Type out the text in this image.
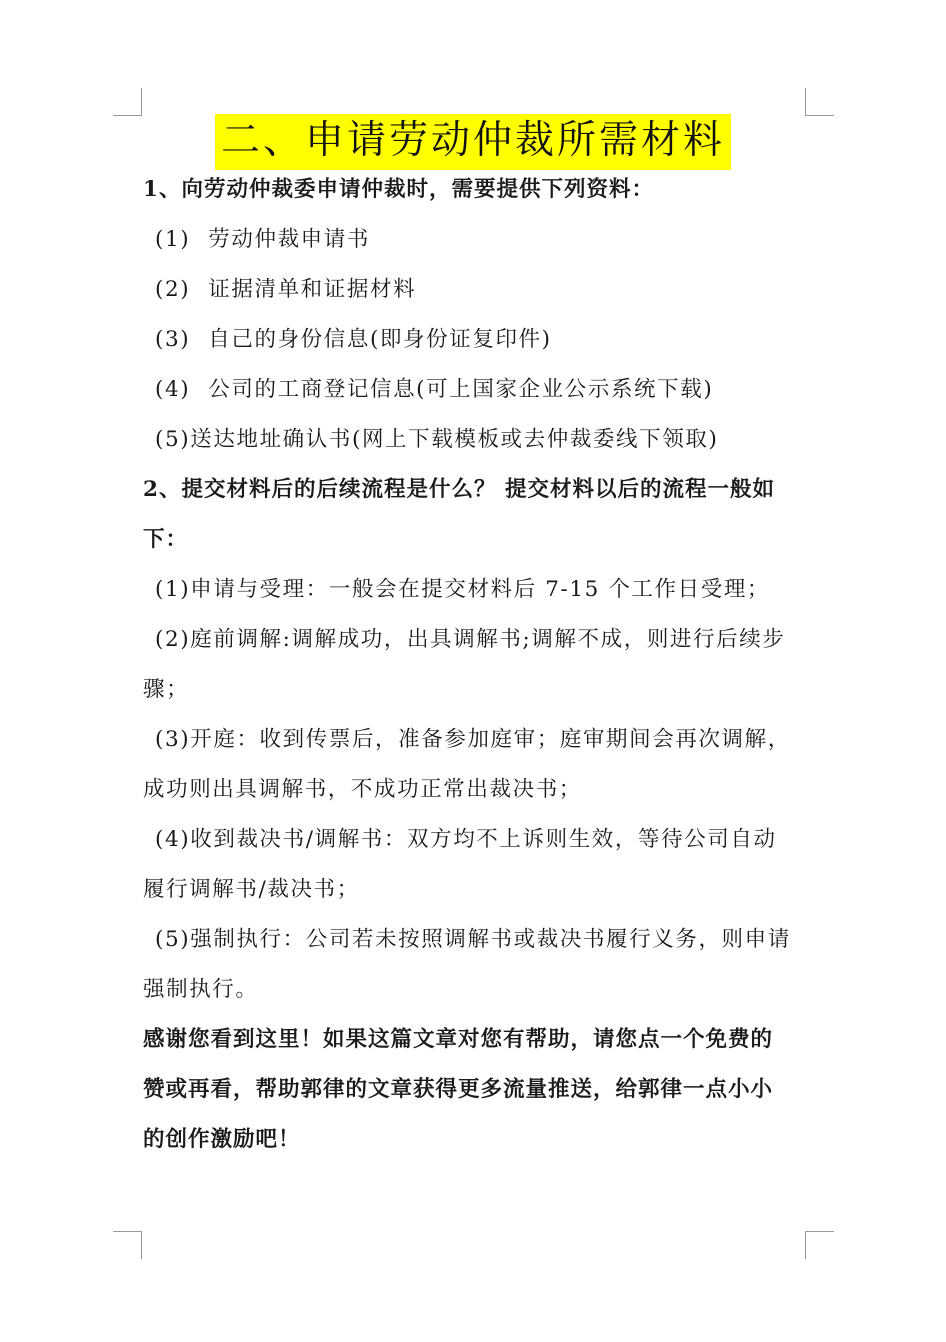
二、申请劳动仲裁所需材料
1、向劳动仲裁委申请仲裁时，需要提供下列资料：
(1) 劳动仲裁申请书
(2) 证据清单和证据材料
(3) 自己的身份信息(即身份证复印件)
(4) 公司的工商登记信息(可上国家企业公示系统下载)
(5)送达地址确认书(网上下载模板或去仲裁委线下领取)
2、提交材料后的后续流程是什么？ 提交材料以后的流程一般如
下：
(1)申请与受理：一般会在提交材料后 7-15 个工作日受理；
(2)庭前调解:调解成功，出具调解书;调解不成，则进行后续步
骤；
(3)开庭：收到传票后，准备参加庭审；庭审期间会再次调解，
成功则出具调解书，不成功正常出裁决书；
(4)收到裁决书/调解书：双方均不上诉则生效，等待公司自动
履行调解书/裁决书；
(5)强制执行：公司若未按照调解书或裁决书履行义务，则申请
强制执行。
感谢您看到这里！如果这篇文章对您有帮助，请您点一个免费的
赞或再看，帮助郭律的文章获得更多流量推送，给郭律一点小小
的创作激励吧！
